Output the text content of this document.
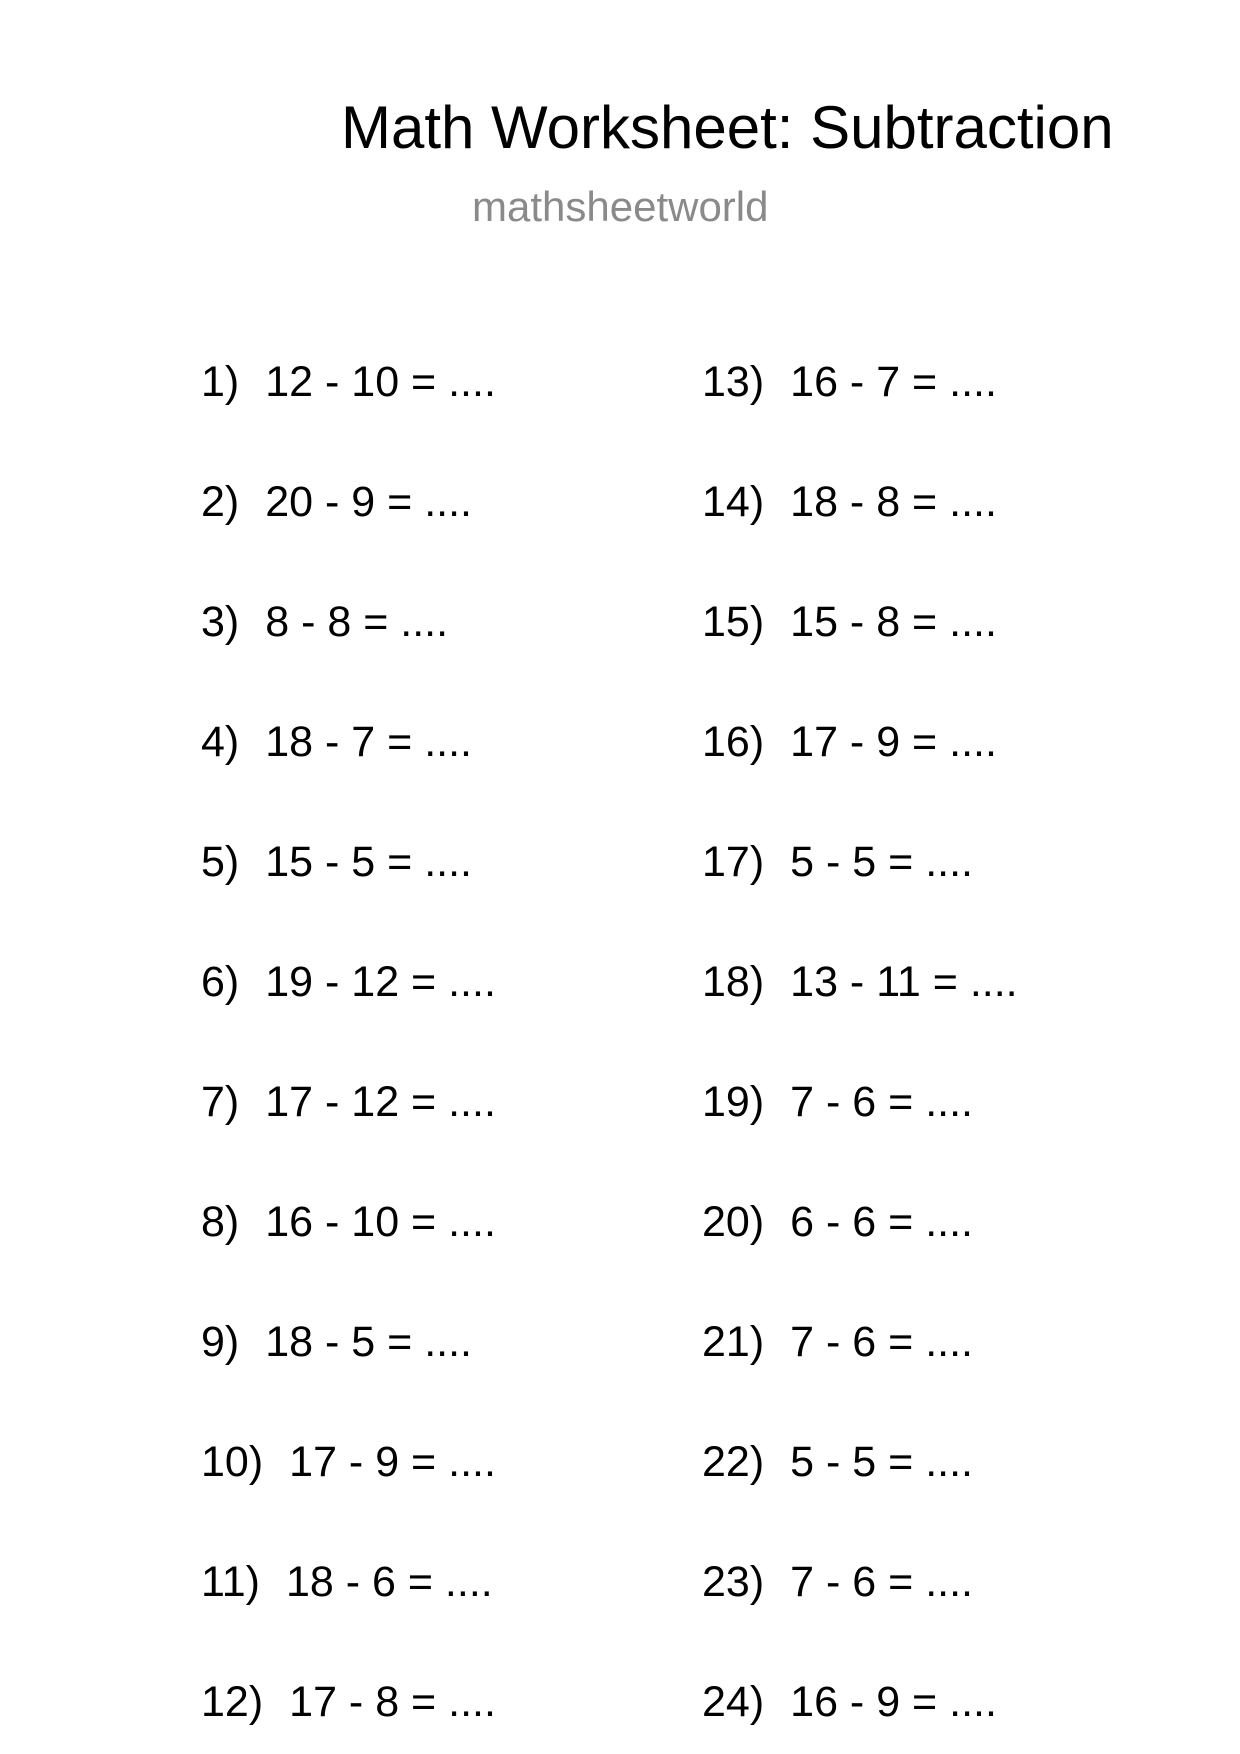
Math Worksheet: Subtraction
mathsheetworld
1) 12 - 10 = ....
2) 20 - 9 = ....
3) 8 - 8 = ....
4) 18 - 7 = ....
5) 15 - 5 = ....
6) 19 - 12 = ....
7) 17 - 12 = ....
8) 16 - 10 = ....
9) 18 - 5 = ....
10) 17 - 9 = ....
11) 18 - 6 = ....
12) 17 - 8 = ....
13) 16 - 7 = ....
14) 18 - 8 = ....
15) 15 - 8 = ....
16) 17 - 9 = ....
17) 5 - 5 = ....
18) 13 - 11 = ....
19) 7 - 6 = ....
20) 6 - 6 = ....
21) 7 - 6 = ....
22) 5 - 5 = ....
23) 7 - 6 = ....
24) 16 - 9 = ....
